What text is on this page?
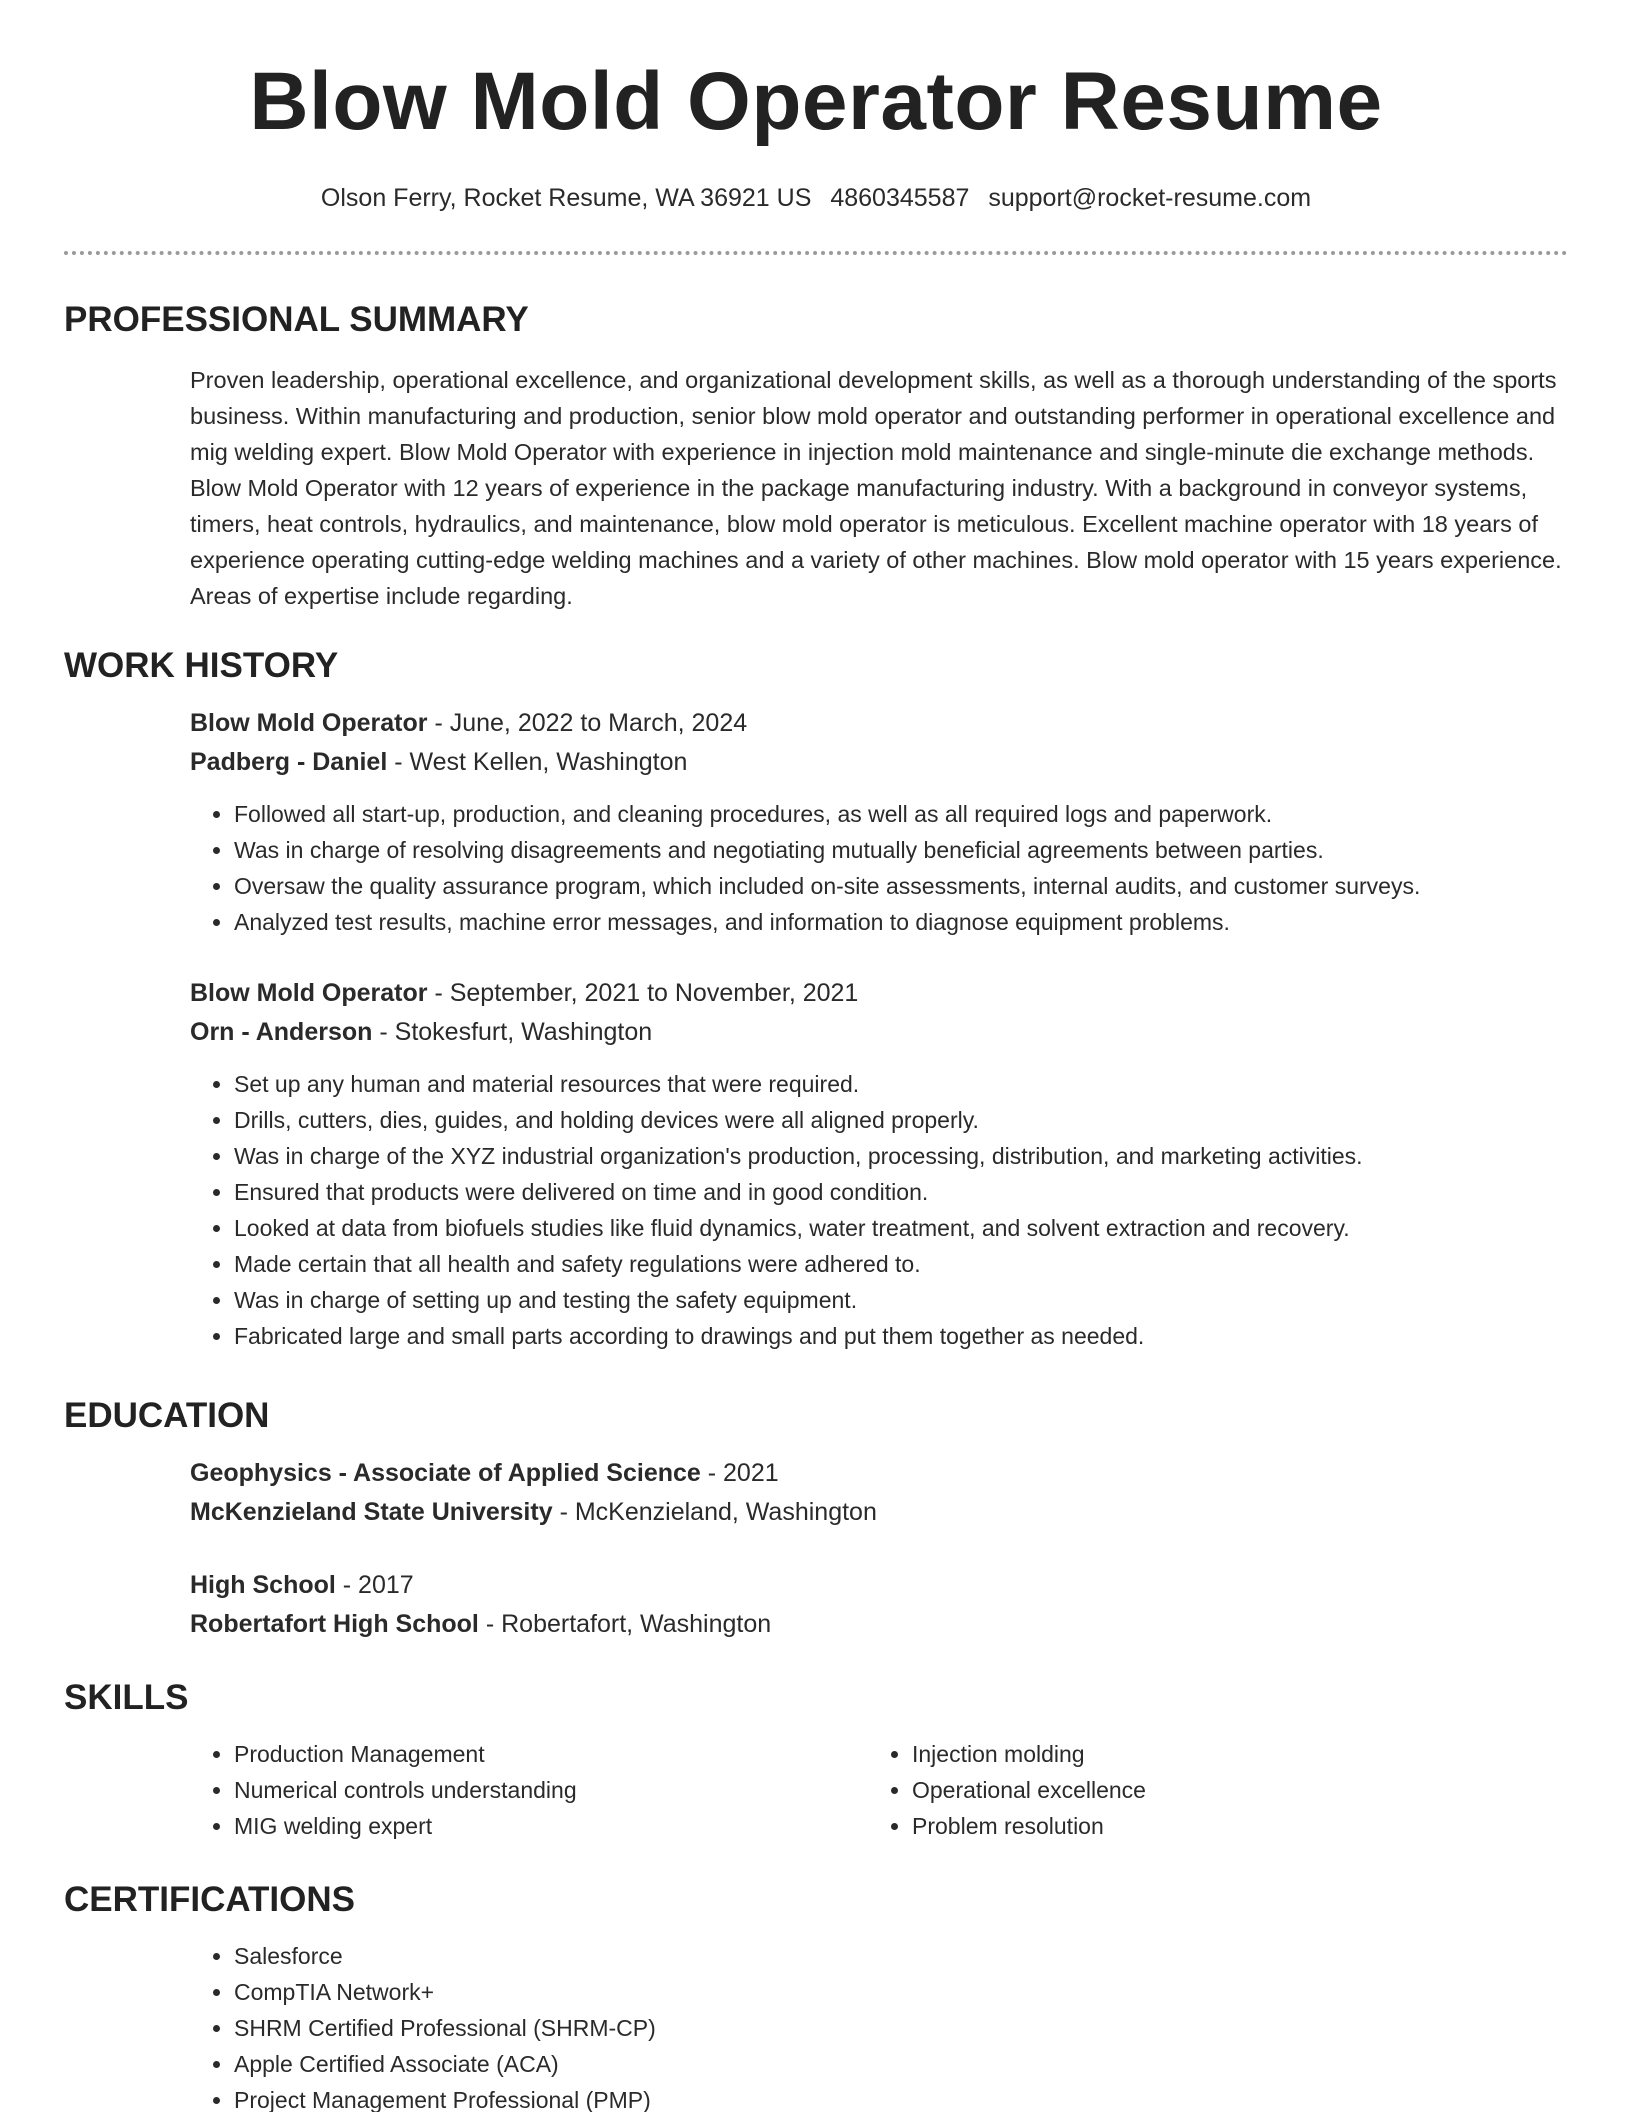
Blow Mold Operator Resume
Olson Ferry, Rocket Resume, WA 36921 US 4860345587 support@rocket-resume.com
PROFESSIONAL SUMMARY

Proven leadership, operational excellence, and organizational development skills, as well as a thorough understanding of the sports business. Within manufacturing and production, senior blow mold operator and outstanding performer in operational excellence and mig welding expert. Blow Mold Operator with experience in injection mold maintenance and single-minute die exchange methods. Blow Mold Operator with 12 years of experience in the package manufacturing industry. With a background in conveyor systems, timers, heat controls, hydraulics, and maintenance, blow mold operator is meticulous. Excellent machine operator with 18 years of experience operating cutting-edge welding machines and a variety of other machines. Blow mold operator with 15 years experience. Areas of expertise include regarding.

WORK HISTORY
Blow Mold Operator - June, 2022 to March, 2024
Padberg - Daniel - West Kellen, Washington
• Followed all start-up, production, and cleaning procedures, as well as all required logs and paperwork.
• Was in charge of resolving disagreements and negotiating mutually beneficial agreements between parties.
• Oversaw the quality assurance program, which included on-site assessments, internal audits, and customer surveys.
• Analyzed test results, machine error messages, and information to diagnose equipment problems.
Blow Mold Operator - September, 2021 to November, 2021
Orn - Anderson - Stokesfurt, Washington
• Set up any human and material resources that were required.
• Drills, cutters, dies, guides, and holding devices were all aligned properly.
• Was in charge of the XYZ industrial organization's production, processing, distribution, and marketing activities.
• Ensured that products were delivered on time and in good condition.
• Looked at data from biofuels studies like fluid dynamics, water treatment, and solvent extraction and recovery.
• Made certain that all health and safety regulations were adhered to.
• Was in charge of setting up and testing the safety equipment.
• Fabricated large and small parts according to drawings and put them together as needed.
EDUCATION
Geophysics - Associate of Applied Science - 2021
McKenzieland State University - McKenzieland, Washington
High School - 2017
Robertafort High School - Robertafort, Washington
SKILLS
• Production Management
• Numerical controls understanding
• MIG welding expert
• Injection molding
• Operational excellence
• Problem resolution
CERTIFICATIONS
• Salesforce
• CompTIA Network+
• SHRM Certified Professional (SHRM-CP)
• Apple Certified Associate (ACA)
• Project Management Professional (PMP)
